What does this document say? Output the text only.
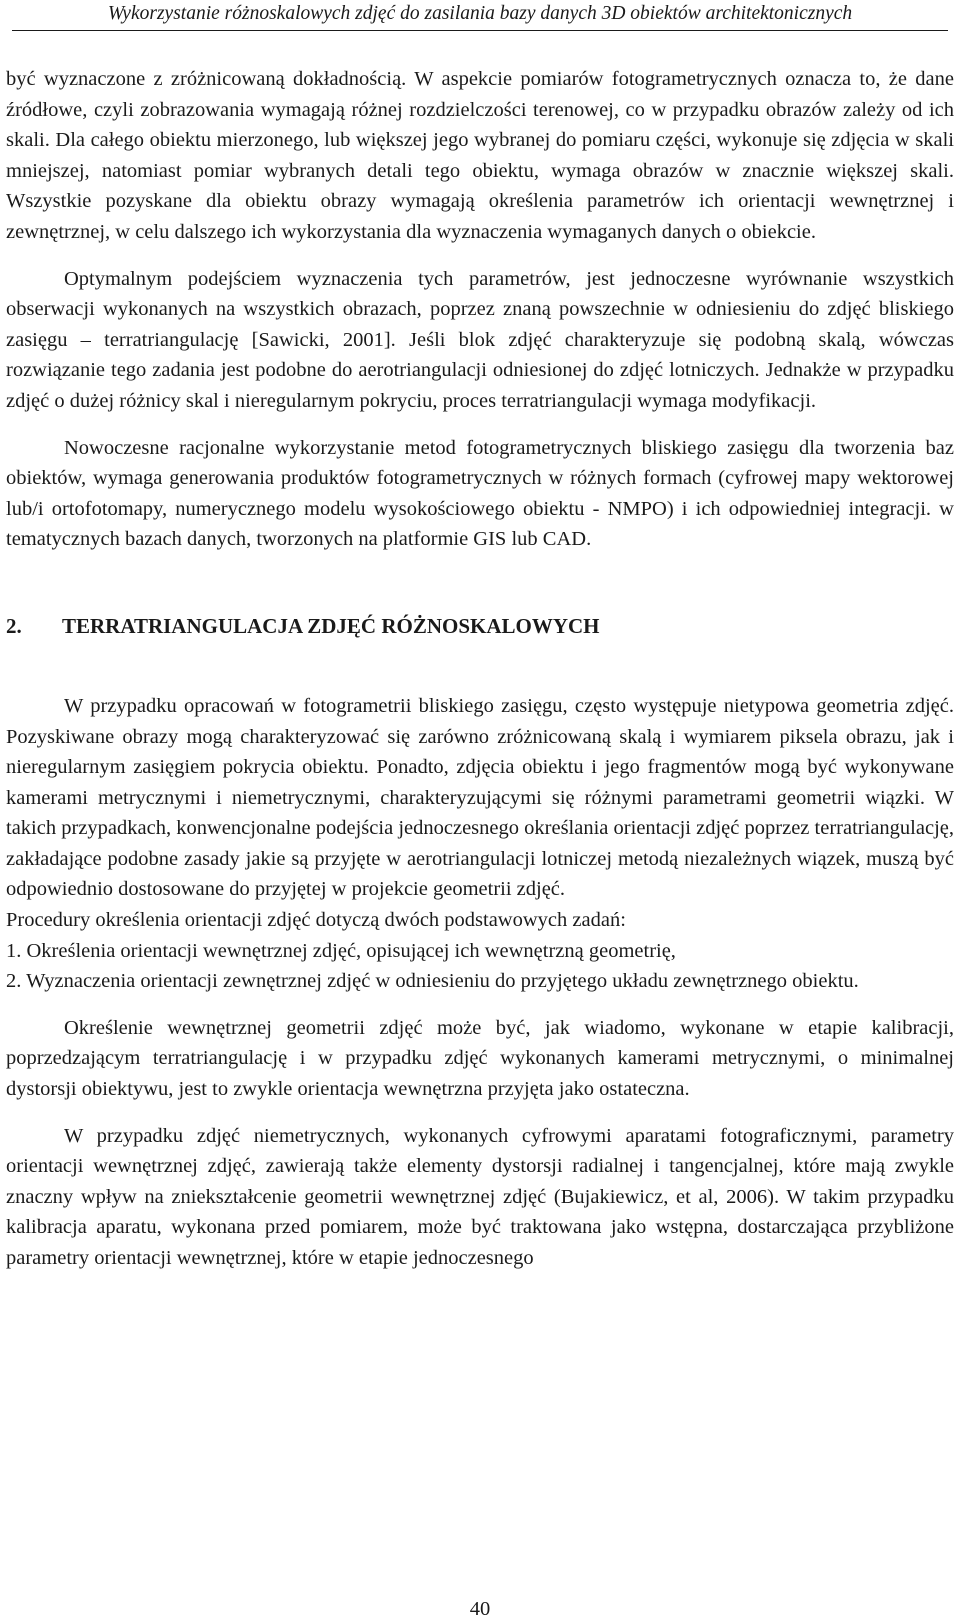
Wykorzystanie różnoskalowych zdjęć do zasilania bazy danych 3D obiektów architektonicznych

być wyznaczone z zróżnicowaną dokładnością. W aspekcie pomiarów fotogrametrycznych oznacza to, że dane źródłowe, czyli zobrazowania wymagają różnej rozdzielczości terenowej, co w przypadku obrazów zależy od ich skali. Dla całego obiektu mierzonego, lub większej jego wybranej do pomiaru części, wykonuje się zdjęcia w skali mniejszej, natomiast pomiar wybranych detali tego obiektu, wymaga obrazów w znacznie większej skali. Wszystkie pozyskane dla obiektu obrazy wymagają określenia parametrów ich orientacji wewnętrznej i zewnętrznej, w celu dalszego ich wykorzystania dla wyznaczenia wymaganych danych o obiekcie.

Optymalnym podejściem wyznaczenia tych parametrów, jest jednoczesne wyrównanie wszystkich obserwacji wykonanych na wszystkich obrazach, poprzez znaną powszechnie w odniesieniu do zdjęć bliskiego zasięgu – terratriangulację [Sawicki, 2001]. Jeśli blok zdjęć charakteryzuje się podobną skalą, wówczas rozwiązanie tego zadania jest podobne do aerotriangulacji odniesionej do zdjęć lotniczych. Jednakże w przypadku zdjęć o dużej różnicy skal i nieregularnym pokryciu, proces terratriangulacji wymaga modyfikacji.

Nowoczesne racjonalne wykorzystanie metod fotogrametrycznych bliskiego zasięgu dla tworzenia baz obiektów, wymaga generowania produktów fotogrametrycznych w różnych formach (cyfrowej mapy wektorowej lub/i ortofotomapy, numerycznego modelu wysokościowego obiektu - NMPO) i ich odpowiedniej integracji. w tematycznych bazach danych, tworzonych na platformie GIS lub CAD.

2. TERRATRIANGULACJA ZDJĘĆ RÓŻNOSKALOWYCH

W przypadku opracowań w fotogrametrii bliskiego zasięgu, często występuje nietypowa geometria zdjęć. Pozyskiwane obrazy mogą charakteryzować się zarówno zróżnicowaną skalą i wymiarem piksela obrazu, jak i nieregularnym zasięgiem pokrycia obiektu. Ponadto, zdjęcia obiektu i jego fragmentów mogą być wykonywane kamerami metrycznymi i niemetrycznymi, charakteryzującymi się różnymi parametrami geometrii wiązki. W takich przypadkach, konwencjonalne podejścia jednoczesnego określania orientacji zdjęć poprzez terratriangulację, zakładające podobne zasady jakie są przyjęte w aerotriangulacji lotniczej metodą niezależnych wiązek, muszą być odpowiednio dostosowane do przyjętej w projekcie geometrii zdjęć.

Procedury określenia orientacji zdjęć dotyczą dwóch podstawowych zadań:

1. Określenia orientacji wewnętrznej zdjęć, opisującej ich wewnętrzną geometrię,

2. Wyznaczenia orientacji zewnętrznej zdjęć w odniesieniu do przyjętego układu zewnętrznego obiektu.

Określenie wewnętrznej geometrii zdjęć może być, jak wiadomo, wykonane w etapie kalibracji, poprzedzającym terratriangulację i w przypadku zdjęć wykonanych kamerami metrycznymi, o minimalnej dystorsji obiektywu, jest to zwykle orientacja wewnętrzna przyjęta jako ostateczna.

W przypadku zdjęć niemetrycznych, wykonanych cyfrowymi aparatami fotograficznymi, parametry orientacji wewnętrznej zdjęć, zawierają także elementy dystorsji radialnej i tangencjalnej, które mają zwykle znaczny wpływ na zniekształcenie geometrii wewnętrznej zdjęć (Bujakiewicz, et al, 2006). W takim przypadku kalibracja aparatu, wykonana przed pomiarem, może być traktowana jako wstępna, dostarczająca przybliżone parametry orientacji wewnętrznej, które w etapie jednoczesnego

40
